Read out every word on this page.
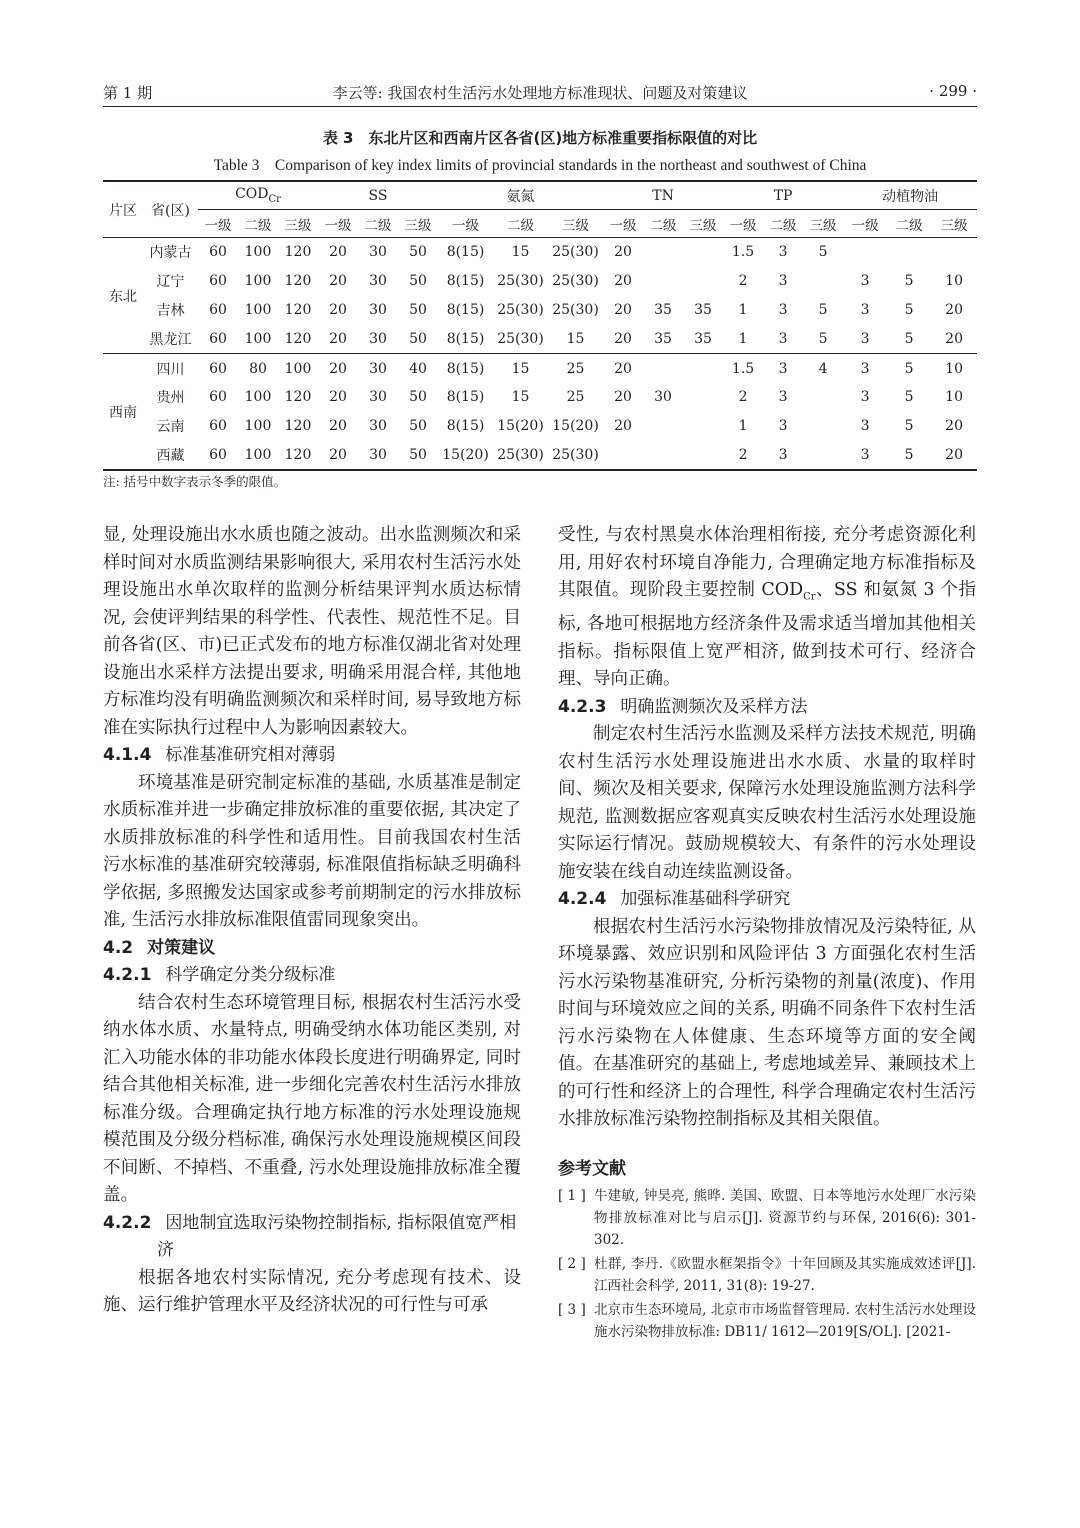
第 1 期	李云等: 我国农村生活污水处理地方标准现状、问题及对策建议	· 299 ·
表 3　东北片区和西南片区各省(区)地方标准重要指标限值的对比
Table 3　Comparison of key index limits of provincial standards in the northeast and southwest of China
片区	省(区)	$COD_{Cr}$			SS			氨氮			TN			TP			动植物油		
		一级	二级	三级	一级	二级	三级	一级	二级	三级	一级	二级	三级	一级	二级	三级	一级	二级	三级
东北	内蒙古	60	100	120	20	30	50	8(15)	15	25(30)	20			1.5	3	5			
	辽宁	60	100	120	20	30	50	8(15)	25(30)	25(30)	20			2	3		3	5	10
	吉林	60	100	120	20	30	50	8(15)	25(30)	25(30)	20	35	35	1	3	5	3	5	20
	黑龙江	60	100	120	20	30	50	8(15)	25(30)	15	20	35	35	1	3	5	3	5	20
西南	四川	60	80	100	20	30	40	8(15)	15	25	20			1.5	3	4	3	5	10
	贵州	60	100	120	20	30	50	8(15)	15	25	20	30		2	3		3	5	10
	云南	60	100	120	20	30	50	8(15)	15(20)	15(20)	20			1	3		3	5	20
	西藏	60	100	120	20	30	50	15(20)	25(30)	25(30)				2	3		3	5	20
注: 括号中数字表示冬季的限值。

显, 处理设施出水水质也随之波动。出水监测频次和采样时间对水质监测结果影响很大, 采用农村生活污水处理设施出水单次取样的监测分析结果评判水质达标情况, 会使评判结果的科学性、代表性、规范性不足。目前各省(区、市)已正式发布的地方标准仅湖北省对处理设施出水采样方法提出要求, 明确采用混合样, 其他地方标准均没有明确监测频次和采样时间, 易导致地方标准在实际执行过程中人为影响因素较大。

4.1.4 标准基准研究相对薄弱

环境基准是研究制定标准的基础, 水质基准是制定水质标准并进一步确定排放标准的重要依据, 其决定了水质排放标准的科学性和适用性。目前我国农村生活污水标准的基准研究较薄弱, 标准限值指标缺乏明确科学依据, 多照搬发达国家或参考前期制定的污水排放标准, 生活污水排放标准限值雷同现象突出。

4.2 对策建议
4.2.1 科学确定分类分级标准

结合农村生态环境管理目标, 根据农村生活污水受纳水体水质、水量特点, 明确受纳水体功能区类别, 对汇入功能水体的非功能水体段长度进行明确界定, 同时结合其他相关标准, 进一步细化完善农村生活污水排放标准分级。合理确定执行地方标准的污水处理设施规模范围及分级分档标准, 确保污水处理设施规模区间段不间断、不掉档、不重叠, 污水处理设施排放标准全覆盖。

4.2.2 因地制宜选取污染物控制指标, 指标限值宽严相济

根据各地农村实际情况, 充分考虑现有技术、设施、运行维护管理水平及经济状况的可行性与可承

受性, 与农村黑臭水体治理相衔接, 充分考虑资源化利用, 用好农村环境自净能力, 合理确定地方标准指标及其限值。现阶段主要控制 $COD_{Cr}$、SS 和氨氮 3 个指标, 各地可根据地方经济条件及需求适当增加其他相关指标。指标限值上宽严相济, 做到技术可行、经济合理、导向正确。

4.2.3 明确监测频次及采样方法

制定农村生活污水监测及采样方法技术规范, 明确农村生活污水处理设施进出水水质、水量的取样时间、频次及相关要求, 保障污水处理设施监测方法科学规范, 监测数据应客观真实反映农村生活污水处理设施实际运行情况。鼓励规模较大、有条件的污水处理设施安装在线自动连续监测设备。

4.2.4 加强标准基础科学研究

根据农村生活污水污染物排放情况及污染特征, 从环境暴露、效应识别和风险评估 3 方面强化农村生活污水污染物基准研究, 分析污染物的剂量(浓度)、作用时间与环境效应之间的关系, 明确不同条件下农村生活污水污染物在人体健康、生态环境等方面的安全阈值。在基准研究的基础上, 考虑地域差异、兼顾技术上的可行性和经济上的合理性, 科学合理确定农村生活污水排放标准污染物控制指标及其相关限值。

参考文献
[ 1 ] 牛建敏, 钟昊亮, 熊晔. 美国、欧盟、日本等地污水处理厂水污染物排放标准对比与启示[J]. 资源节约与环保, 2016(6): 301-302.
[ 2 ] 杜群, 李丹.《欧盟水框架指令》十年回顾及其实施成效述评[J]. 江西社会科学, 2011, 31(8): 19-27.
[ 3 ] 北京市生态环境局, 北京市市场监督管理局. 农村生活污水处理设施水污染物排放标准: DB11/ 1612—2019[S/OL]. [2021-
